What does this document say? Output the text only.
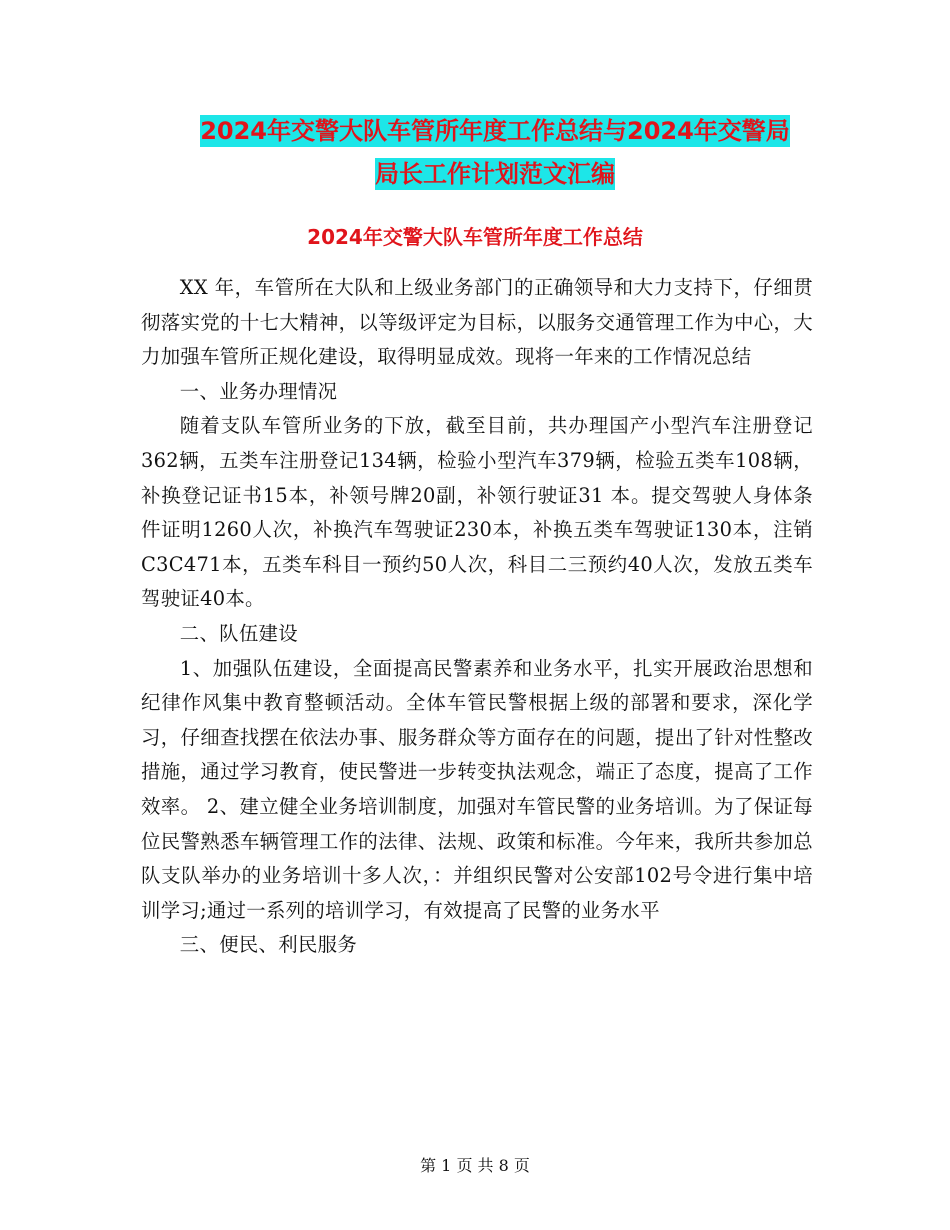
2024年交警大队车管所年度工作总结与2024年交警局
局长工作计划范文汇编
2024年交警大队车管所年度工作总结

XX 年，车管所在大队和上级业务部门的正确领导和大力支持下，仔细贯彻落实党的十七大精神，以等级评定为目标，以服务交通管理工作为中心，大力加强车管所正规化建设，取得明显成效。现将一年来的工作情况总结

一、业务办理情况

随着支队车管所业务的下放，截至目前，共办理国产小型汽车注册登记362辆，五类车注册登记134辆，检验小型汽车379辆，检验五类车108辆，补换登记证书15本，补领号牌20副，补领行驶证31 本。提交驾驶人身体条件证明1260人次，补换汽车驾驶证230本，补换五类车驾驶证130本，注销C3C471本，五类车科目一预约50人次，科目二三预约40人次，发放五类车驾驶证40本。

二、队伍建设

1、加强队伍建设，全面提高民警素养和业务水平，扎实开展政治思想和纪律作风集中教育整顿活动。全体车管民警根据上级的部署和要求，深化学习，仔细查找摆在依法办事、服务群众等方面存在的问题，提出了针对性整改措施，通过学习教育，使民警进一步转变执法观念，端正了态度，提高了工作效率。 2、建立健全业务培训制度，加强对车管民警的业务培训。为了保证每位民警熟悉车辆管理工作的法律、法规、政策和标准。今年来，我所共参加总队支队举办的业务培训十多人次，：并组织民警对公安部102号令进行集中培训学习;通过一系列的培训学习，有效提高了民警的业务水平

三、便民、利民服务

第 1 页 共 8 页
